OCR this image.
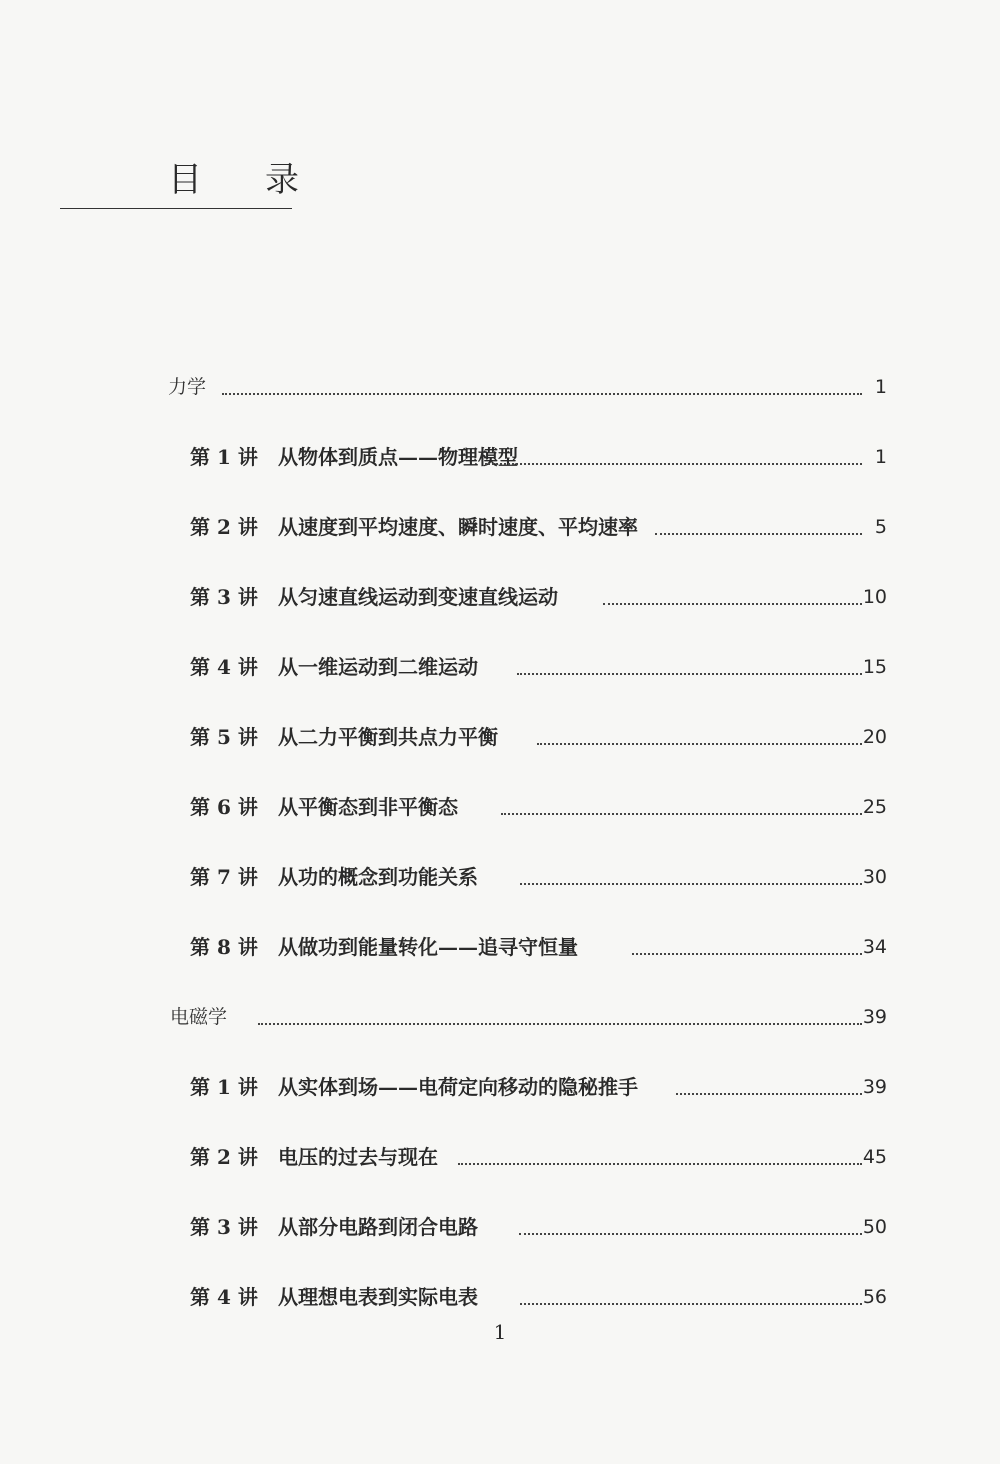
目 录
力学	1
第 1 讲 从物体到质点——物理模型	1
第 2 讲 从速度到平均速度、瞬时速度、平均速率	5
第 3 讲 从匀速直线运动到变速直线运动	10
第 4 讲 从一维运动到二维运动	15
第 5 讲 从二力平衡到共点力平衡	20
第 6 讲 从平衡态到非平衡态	25
第 7 讲 从功的概念到功能关系	30
第 8 讲 从做功到能量转化——追寻守恒量	34
电磁学	39
第 1 讲 从实体到场——电荷定向移动的隐秘推手	39
第 2 讲 电压的过去与现在	45
第 3 讲 从部分电路到闭合电路	50
第 4 讲 从理想电表到实际电表	56
1
